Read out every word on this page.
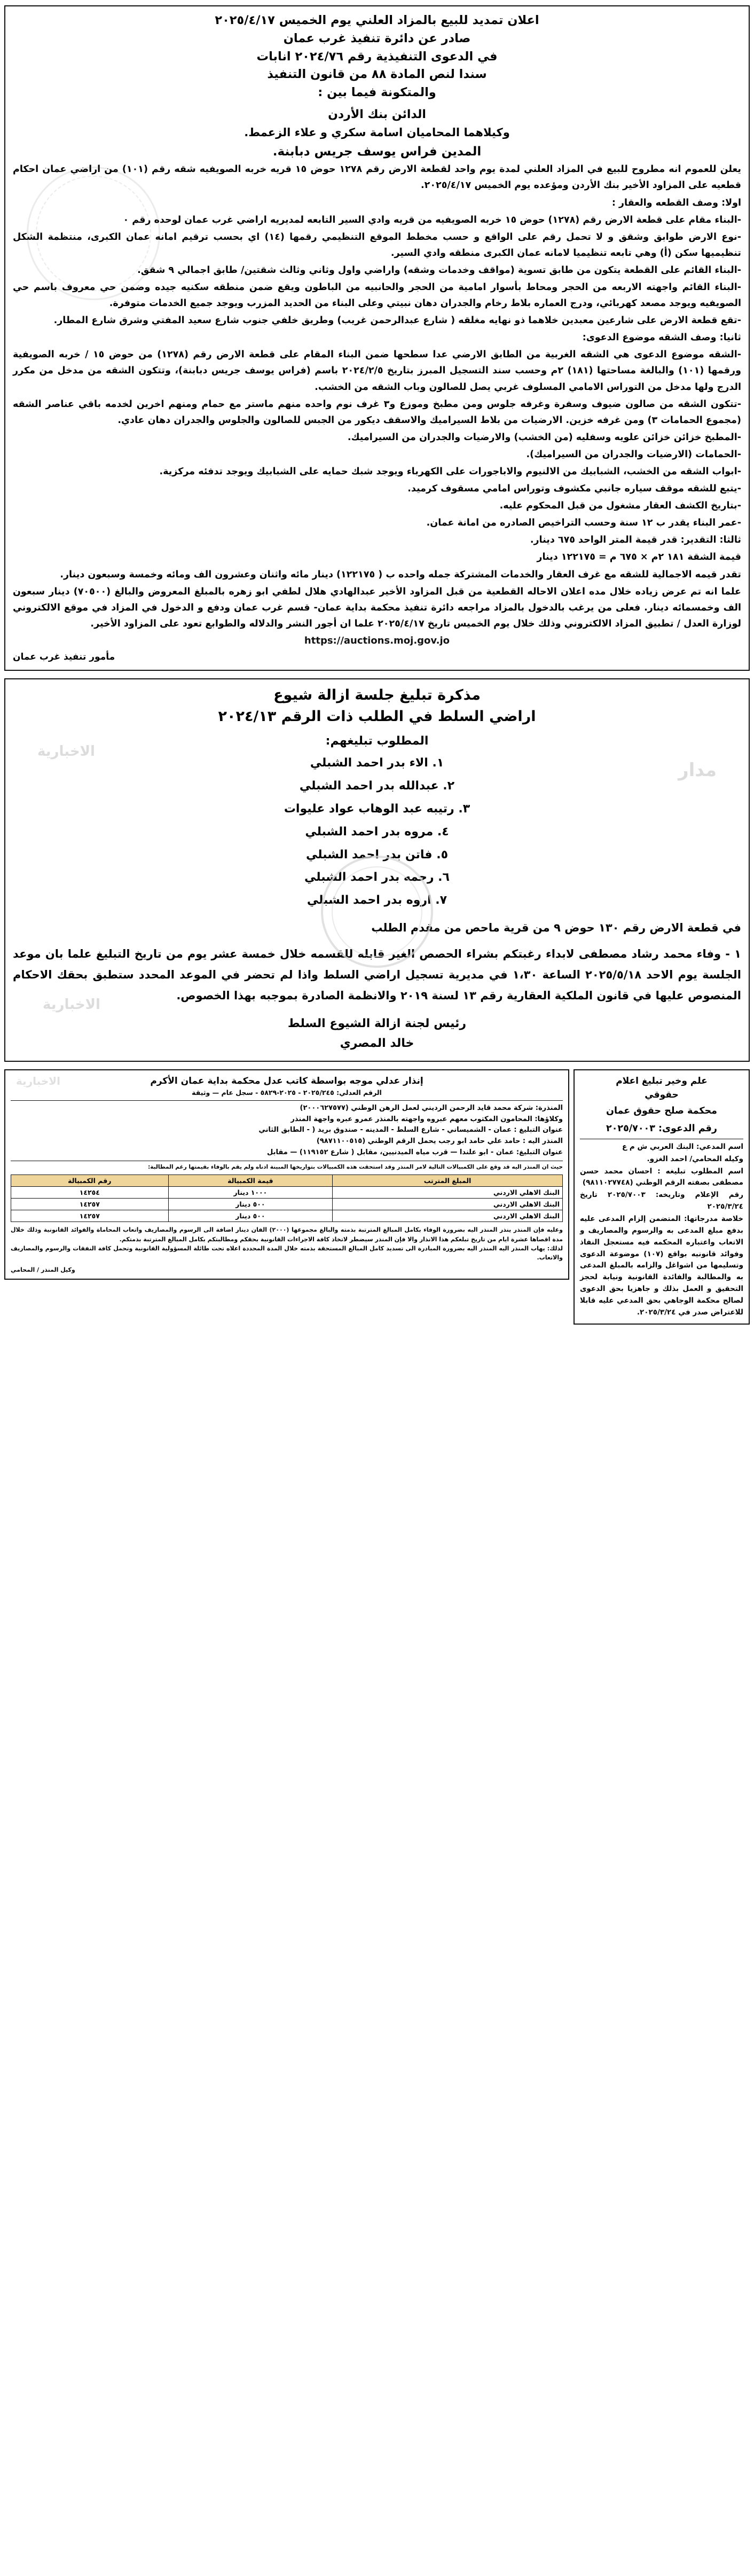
اعلان تمديد للبيع بالمزاد العلني يوم الخميس ٢٠٢٥/٤/١٧
صادر عن دائرة تنفيذ غرب عمان
في الدعوى التنفيذية رقم ٢٠٢٤/٧٦ انابات
سندا لنص المادة ٨٨ من قانون التنفيذ
والمتكونة فيما بين :
الدائن بنك الأردن
وكيلاهما المحاميان اسامة سكري و علاء الزعمط.
المدين فراس يوسف جريس دبابنة.

يعلن للعموم انه مطروح للبيع في المزاد العلني لمدة يوم واحد لقطعة الارض رقم ١٢٧٨ حوض ١٥ قريه خربه الصويفيه شقه رقم (١٠١) من اراضي عمان احكام قطعيه على المزاود الأخير بنك الأردن ومؤعده يوم الخميس ٢٠٢٥/٤/١٧.

اولا: وصف القطعه والعقار :

-البناء مقام على قطعة الارض رقم (١٢٧٨) حوض ١٥ خربه الصويفيه من قريه وادي السير التابعه لمديريه اراضي غرب عمان لوحده رقم ٠

-نوع الارض طوابق وشقق و لا تحمل رقم على الواقع و حسب مخطط الموقع التنظيمي رقمها (١٤) اي بحسب ترقيم امانه عمان الكبرى، منتظمة الشكل تنظيميها سكن (أ) وهي تابعه تنظيميا لامانه عمان الكبرى منطقه وادي السير.

-البناء القائم على القطعة يتكون من طابق تسوية (مواقف وخدمات وشقه) واراضي واول وثاني وثالث شقتين/ طابق اجمالي ٩ شقق.

-البناء القائم واجهته الاربعه من الحجر ومحاط بأسوار امامية من الحجر والحانبيه من الباطون ويقع ضمن منطقه سكنيه جيده وضمن حي معروف باسم حي الصويفيه ويوجد مصعد كهربائي، ودرج العماره بلاط رخام والجدران دهان نبيتي وعلى البناء من الحديد المزرب ويوجد جميع الخدمات متوفرة.

-تقع قطعة الارض على شارعين معبدين خلاهما ذو نهايه مغلقه ( شارع عبدالرحمن غريب) وطريق خلفي جنوب شارع سعيد المفتي وشرق شارع المطار.

ثانيا: وصف الشقه موضوع الدعوى:

-الشقه موضوع الدعوى هي الشقه الغربية من الطابق الارضي عدا سطحها ضمن البناء المقام على قطعة الارض رقم (١٢٧٨) من حوض ١٥ / خربه الصويفية ورقمها (١٠١) والبالغة مساحتها (١٨١) ٢م وحسب سند التسجيل المبرز بتاريخ ٢٠٢٤/٢/٥ باسم (فراس يوسف جريس دبابنة)، وتتكون الشقه من مدخل من مكرر الدرج ولها مدخل من التوراس الامامي المسلوف غربي يصل للصالون وباب الشقه من الخشب.

-تتكون الشقه من صالون ضيوف وسفرة وغرفه جلوس ومن مطبخ وموزع و٣ غرف نوم واحده منهم ماستر مع حمام ومنهم اخرين لخدمه باقي عناصر الشقه (مجموع الحمامات ٣) ومن غرفه خزين. الارضيات من بلاط السيراميك والاسقف ديكور من الجبس للصالون والجلوس والجدران دهان عادي.

-المطبخ خزائن خزائن علويه وسفليه (من الخشب) والارضيات والجدران من السيراميك.

-الحمامات (الارضيات والجدران من السيراميك).

-ابواب الشقه من الخشب، الشبابيك من الالنيوم والاباجورات على الكهرباء ويوجد شبك حمايه على الشبابيك ويوجد تدفئه مركزية.

-يتبع للشقه موقف سياره جانبي مكشوف وتوراس امامي مسقوف كرميد.

-بتاريخ الكشف العقار مشغول من قبل المحكوم عليه.

-عمر البناء يقدر ب ١٢ سنة وحسب التراخيص الصادره من امانة عمان.

ثالثا: التقدير: قدر قيمة المتر الواحد ٦٧٥ دينار.

قيمة الشقة ١٨١ ٢م × ٦٧٥ م = ١٢٢١٧٥ دينار

تقدر قيمه الاجمالية للشقه مع غرف العقار والخدمات المشتركة جمله واحده ب ( ١٢٢١٧٥) دينار مائه واثنان وعشرون الف ومائه وخمسة وسبعون دينار.

علما انه تم عرض زياده خلال مده اعلان الاحاله القطعية من قبل المزاود الأخير عبدالهادي هلال لطفي ابو زهره بالمبلغ المعروض والبالغ (٧٠٥٠٠) دينار سبعون الف وخمسمائه دينار. فعلى من يرغب بالدخول بالمزاد مراجعه دائرة تنفيذ محكمة بداية عمان- قسم غرب عمان ودفع و الدخول في المزاد في موقع الالكتروني لوزارة العدل / تطبيق المزاد الالكتروني وذلك خلال يوم الخميس تاريخ ٢٠٢٥/٤/١٧ علما ان أجور النشر والدلاله والطوابع تعود على المزاود الأخير.

https://auctions.moj.gov.jo

مأمور تنفيذ غرب عمان
مدار
الاخبارية
الاخبارية
مذكرة تبليغ جلسة ازالة شيوع
اراضي السلط في الطلب ذات الرقم ٢٠٢٤/١٣
المطلوب تبليغهم:
١. الاء بدر احمد الشبلي
٢. عبدالله بدر احمد الشبلي
٣. رتيبه عبد الوهاب عواد عليوات
٤. مروه بدر احمد الشبلي
٥. فاتن بدر احمد الشبلي
٦. رحمه بدر احمد الشبلي
٧. اروه بدر احمد الشبلي
في قطعة الارض رقم ١٣٠ حوض ٩ من قرية ماحص من مقدم الطلب
١ - وفاء محمد رشاد مصطفى لابداء رغبتكم بشراء الحصص الغير قابله للقسمه خلال خمسة عشر يوم من تاريخ التبليغ علما بان موعد الجلسة يوم الاحد ٢٠٢٥/٥/١٨ الساعة ١،٣٠ في مديرية تسجيل اراضي السلط واذا لم تحضر في الموعد المحدد ستطبق بحقك الاحكام المنصوص عليها في قانون الملكية العقارية رقم ١٣ لسنة ٢٠١٩ والانظمة الصادرة بموجبه بهذا الخصوص.
رئيس لجنة ازالة الشيوع السلط
خالد المصري
علم وخير تبليغ اعلام
حقوقي
محكمة صلح حقوق عمان
رقم الدعوى: ٢٠٢٥/٧٠٠٣

اسم المدعي: البنك العربي ش م ع

وكيله المحامي/ احمد الغزو.

اسم المطلوب تبليغه : احسان محمد حسن مصطفى بصفته الرقم الوطني (٩٨١١٠٢٧٧٤٨)

رقم الإعلام وتاريخه: ٢٠٢٥/٧٠٠٣ تاريخ ٢٠٢٥/٣/٢٤

خلاصة مدرجاتها: المتضمن إلزام المدعى عليه بدفع مبلغ المدعى به والرسوم والمصاريف و الاتعاب واعتباره المحكمه فيه مستعجل النفاذ وفوائد قانونيه بواقع (١٠٧) موضوعة الدعوى وتسليمها من اشواغل والزامه بالمبلغ المدعى به والمطالبة والفائدة القانونية ونيابة لحجز التحقيق و العمل بذلك و جاهزيا بحق الدعوى لصالح محكمة الوجاهي بحق المدعي عليه قابلا للاعتراض صدر في ٢٠٢٥/٣/٢٤.

الاخبارية	إنذار عدلي موجه بواسطة كاتب عدل محكمة بداية عمان الأكرم
الرقم العدلي: ٢٠٢٥/٢٤٥ - ٢٠٢٥-٥٨٢٩ - سجل عام — وثيقة
المنذرة: شركة محمد قايد الرحمن الرديني لعمل الرهن الوطني (٢٠٠٠٦٢٧٥٧٧)
وكلاؤها: المحامون المكتوب معهم عبروه واجهته بالمنذر عمرو عبره واجهة المنذر
عنوان التبليغ : عمان - الشميساني - شارع السلط - المدينه - صندوق بريد ( - الطابق الثاني
المنذر اليه : حامد علي حامد ابو رجب يحمل الرقم الوطني (٩٨٧١١٠٠٥١٥)
عنوان التبليغ: عمان - ابو علندا — قرب مياه الميدنيين، مقابل ( شارع ١١٩١٥٢) — مقابل
حيث ان المنذر اليه قد وقع على الكمبيالات التالية لامر المنذر وقد استحقت هذه الكمبيالات بتواريخها المبينة ادناه ولم يقم بالوفاء بقيمتها رغم المطالبة:
المبلغ المترتب	قيمة الكمبيالة	رقم الكمبيالة
البنك الاهلي الاردني	١٠٠٠ دينار	١٤٢٥٤
البنك الاهلي الاردني	٥٠٠ دينار	١٤٢٥٧
البنك الاهلي الاردني	٥٠٠ دينار	١٤٢٥٧
وعليه فإن المنذر ينذر المنذر اليه بضرورة الوفاء بكامل المبالغ المترتبة بذمته والبالغ مجموعها (٢٠٠٠) الفان دينار اضافة الى الرسوم والمصاريف واتعاب المحاماة والفوائد القانونية وذلك خلال مدة اقصاها عشرة ايام من تاريخ تبلغكم هذا الانذار والا فإن المنذر سيضطر لاتخاذ كافة الاجراءات القانونية بحقكم ومطالبتكم بكامل المبالغ المترتبة بذمتكم.
لذلك: يهاب المنذر اليه المنذر اليه بضرورة المبادرة الى تسديد كامل المبالغ المستحقة بذمته خلال المدة المحددة اعلاه تحت طائلة المسؤولية القانونية وتحمل كافة النفقات والرسوم والمصاريف والاتعاب.
وكيل المنذر / المحامي
